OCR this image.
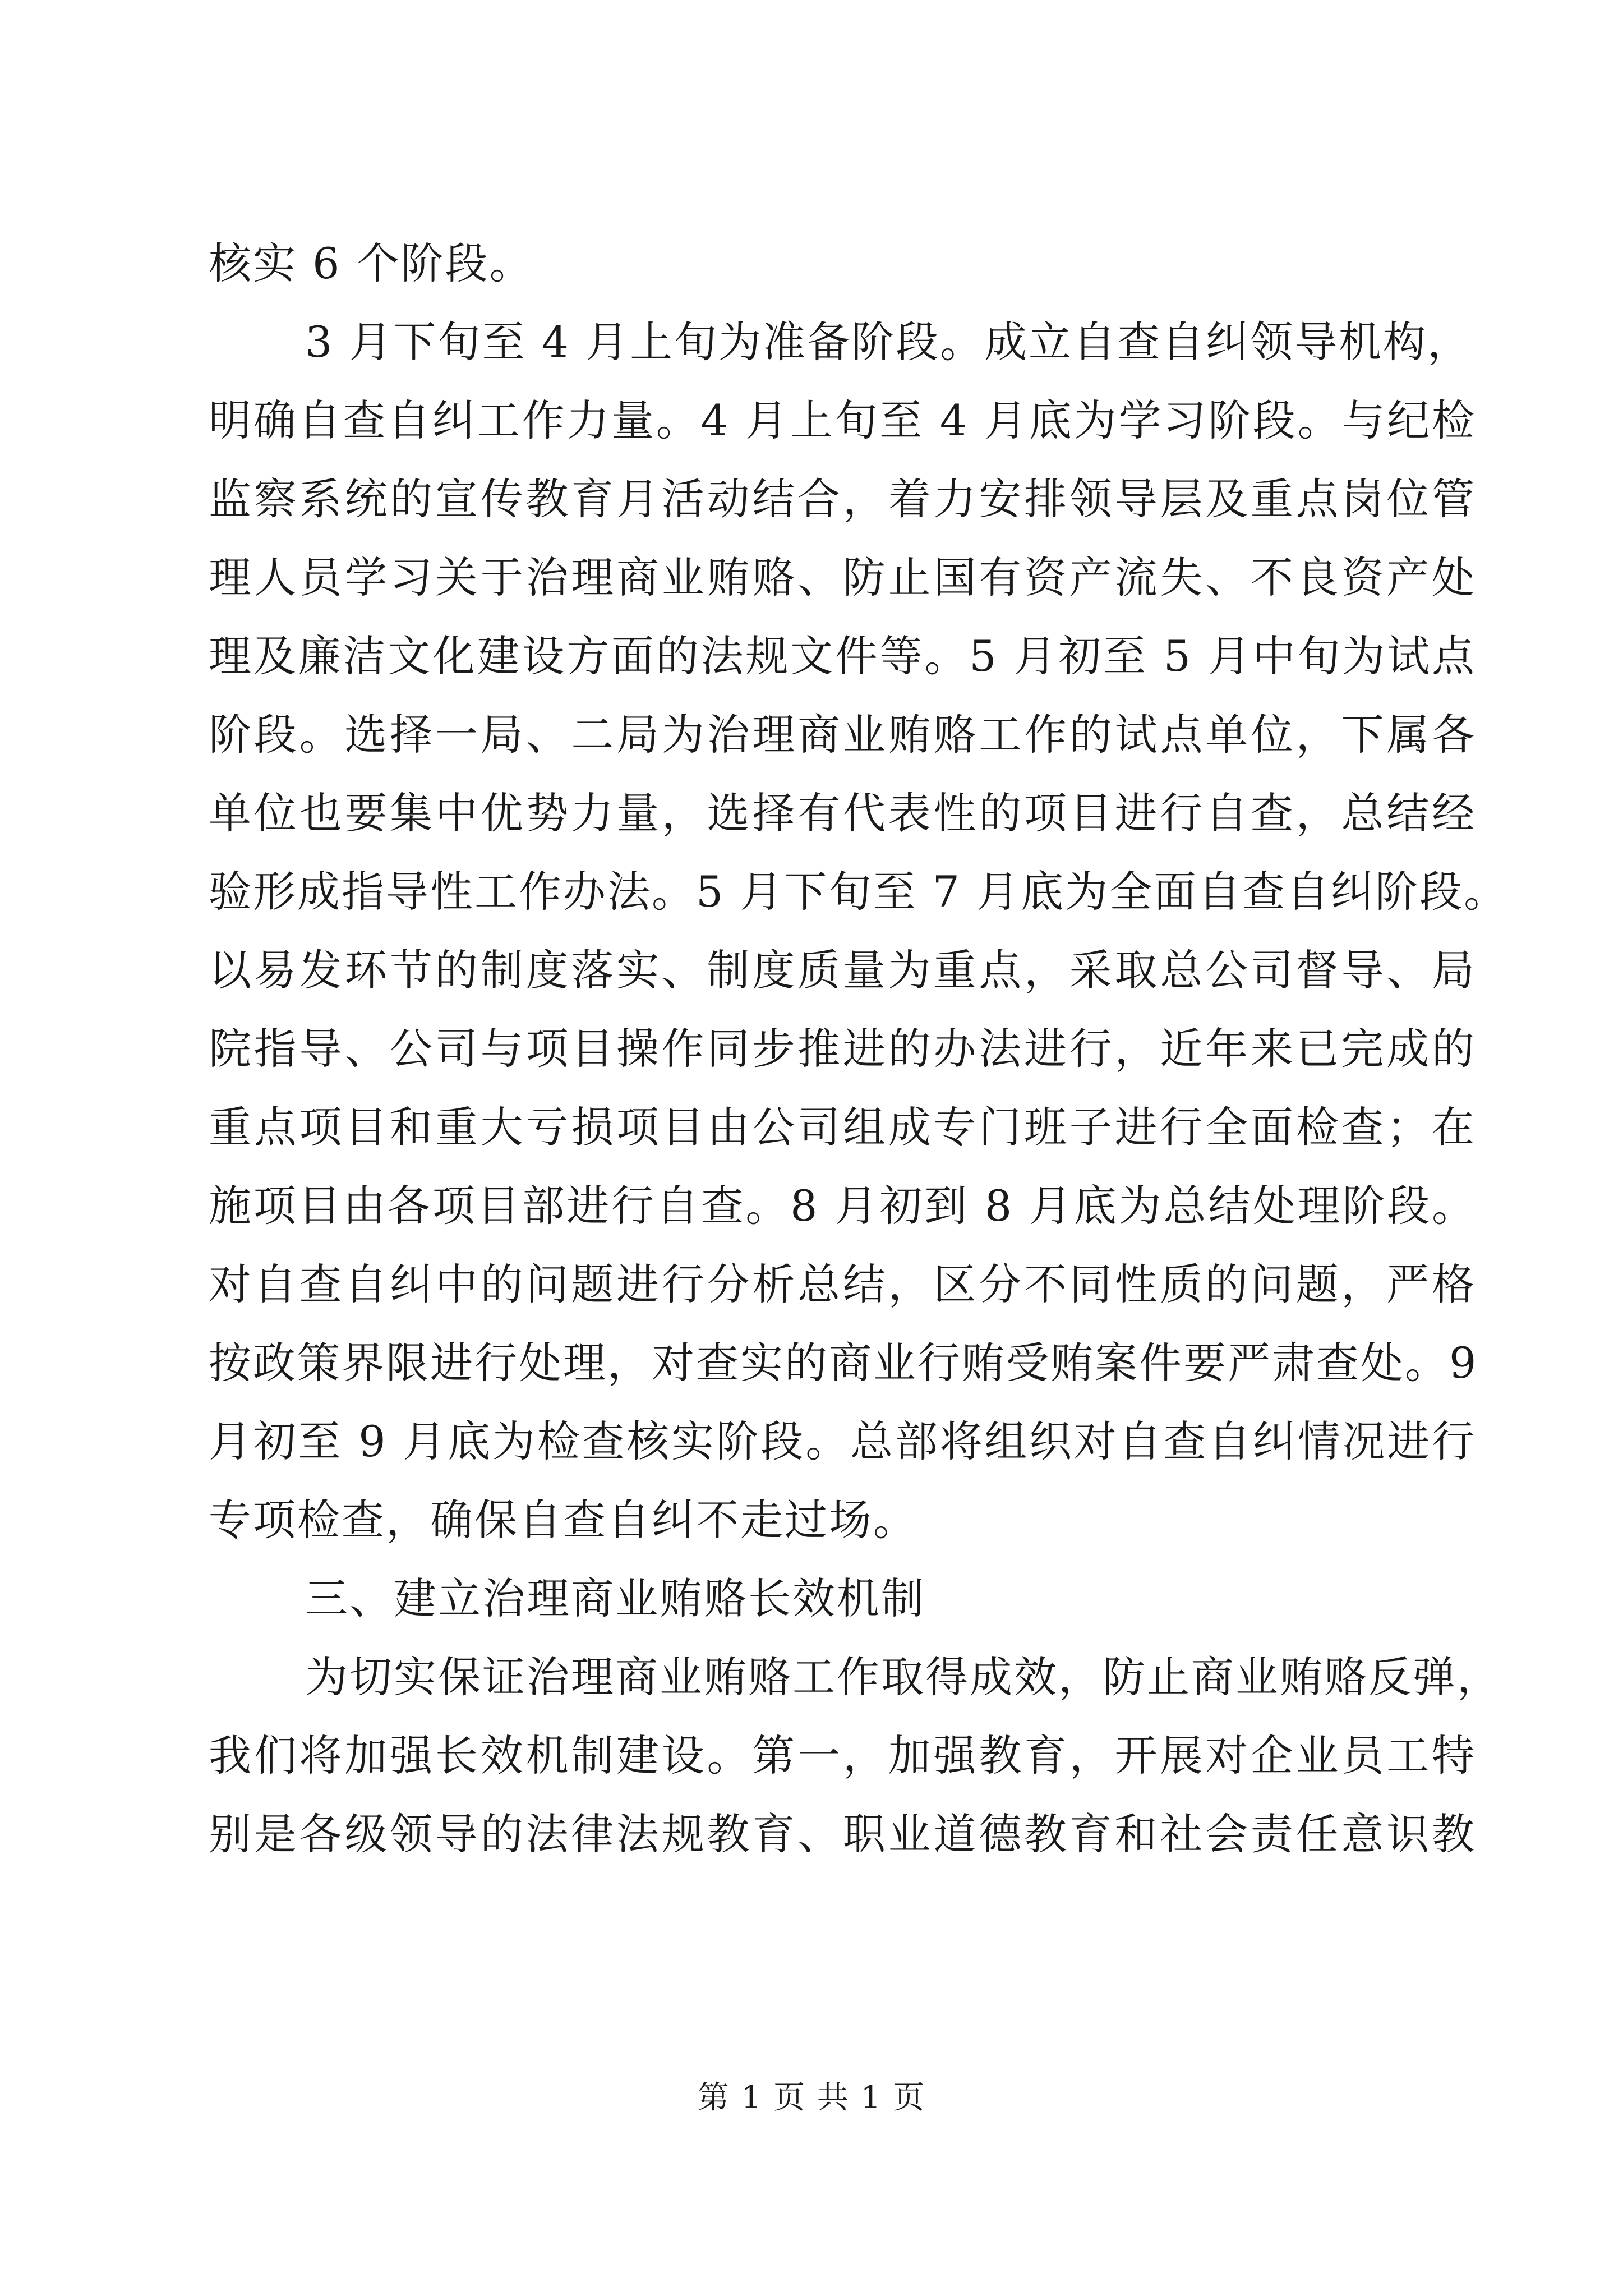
核实 6 个阶段。
3 月下旬至 4 月上旬为准备阶段。成立自查自纠领导机构，
明确自查自纠工作力量。4 月上旬至 4 月底为学习阶段。与纪检
监察系统的宣传教育月活动结合，着力安排领导层及重点岗位管
理人员学习关于治理商业贿赂、防止国有资产流失、不良资产处
理及廉洁文化建设方面的法规文件等。5 月初至 5 月中旬为试点
阶段。选择一局、二局为治理商业贿赂工作的试点单位，下属各
单位也要集中优势力量，选择有代表性的项目进行自查，总结经
验形成指导性工作办法。5 月下旬至 7 月底为全面自查自纠阶段。
以易发环节的制度落实、制度质量为重点，采取总公司督导、局
院指导、公司与项目操作同步推进的办法进行，近年来已完成的
重点项目和重大亏损项目由公司组成专门班子进行全面检查；在
施项目由各项目部进行自查。8 月初到 8 月底为总结处理阶段。
对自查自纠中的问题进行分析总结，区分不同性质的问题，严格
按政策界限进行处理，对查实的商业行贿受贿案件要严肃查处。9
月初至 9 月底为检查核实阶段。总部将组织对自查自纠情况进行
专项检查，确保自查自纠不走过场。
三、建立治理商业贿赂长效机制
为切实保证治理商业贿赂工作取得成效，防止商业贿赂反弹，
我们将加强长效机制建设。第一，加强教育，开展对企业员工特
别是各级领导的法律法规教育、职业道德教育和社会责任意识教
第 1 页 共 1 页
